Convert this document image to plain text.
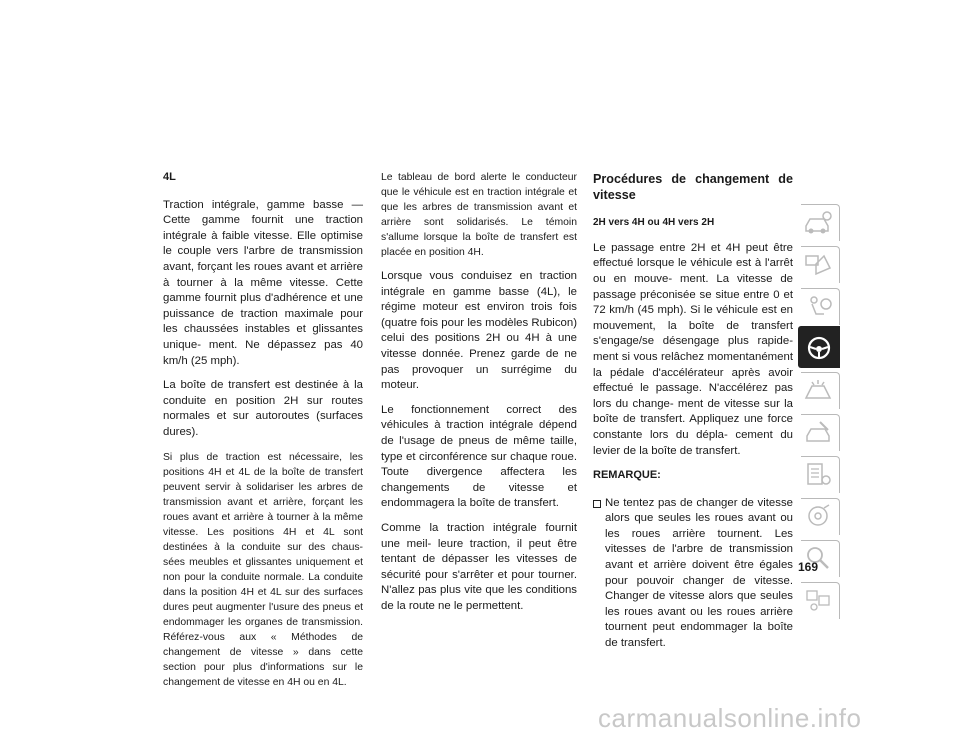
4L

Traction intégrale, gamme basse — Cette gamme fournit une traction intégrale à faible vitesse. Elle optimise le couple vers l'arbre de transmission avant, forçant les roues avant et arrière à tourner à la même vitesse. Cette gamme fournit plus d'adhérence et une puissance de traction maximale pour les chaussées instables et glissantes unique- ment. Ne dépassez pas 40 km/h (25 mph).

La boîte de transfert est destinée à la conduite en position 2H sur routes normales et sur autoroutes (surfaces dures).

Si plus de traction est nécessaire, les positions 4H et 4L de la boîte de transfert peuvent servir à solidariser les arbres de transmission avant et arrière, forçant les roues avant et arrière à tourner à la même vitesse. Les positions 4H et 4L sont destinées à la conduite sur des chaus- sées meubles et glissantes uniquement et non pour la conduite normale. La conduite dans la position 4H et 4L sur des surfaces dures peut augmenter l'usure des pneus et endommager les organes de transmission. Référez-vous aux « Méthodes de changement de vitesse » dans cette section pour plus d'informations sur le changement de vitesse en 4H ou en 4L.

Le tableau de bord alerte le conducteur que le véhicule est en traction intégrale et que les arbres de transmission avant et arrière sont solidarisés. Le témoin s'allume lorsque la boîte de transfert est placée en position 4H.

Lorsque vous conduisez en traction intégrale en gamme basse (4L), le régime moteur est environ trois fois (quatre fois pour les modèles Rubicon) celui des positions 2H ou 4H à une vitesse donnée. Prenez garde de ne pas provoquer un surrégime du moteur.

Le fonctionnement correct des véhicules à traction intégrale dépend de l'usage de pneus de même taille, type et circonférence sur chaque roue. Toute divergence affectera les changements de vitesse et endommagera la boîte de transfert.

Comme la traction intégrale fournit une meil- leure traction, il peut être tentant de dépasser les vitesses de sécurité pour s'arrêter et pour tourner. N'allez pas plus vite que les conditions de la route ne le permettent.

Procédures de changement de vitesse

2H vers 4H ou 4H vers 2H

Le passage entre 2H et 4H peut être effectué lorsque le véhicule est à l'arrêt ou en mouve- ment. La vitesse de passage préconisée se situe entre 0 et 72 km/h (45 mph). Si le véhicule est en mouvement, la boîte de transfert s'engage/se désengage plus rapide- ment si vous relâchez momentanément la pédale d'accélérateur après avoir effectué le passage. N'accélérez pas lors du change- ment de vitesse sur la boîte de transfert. Appliquez une force constante lors du dépla- cement du levier de la boîte de transfert.

REMARQUE:

Ne tentez pas de changer de vitesse alors que seules les roues avant ou les roues arrière tournent. Les vitesses de l'arbre de transmission avant et arrière doivent être égales pour pouvoir changer de vitesse. Changer de vitesse alors que seules les roues avant ou les roues arrière tournent peut endommager la boîte de transfert.

169
carmanualsonline.info
